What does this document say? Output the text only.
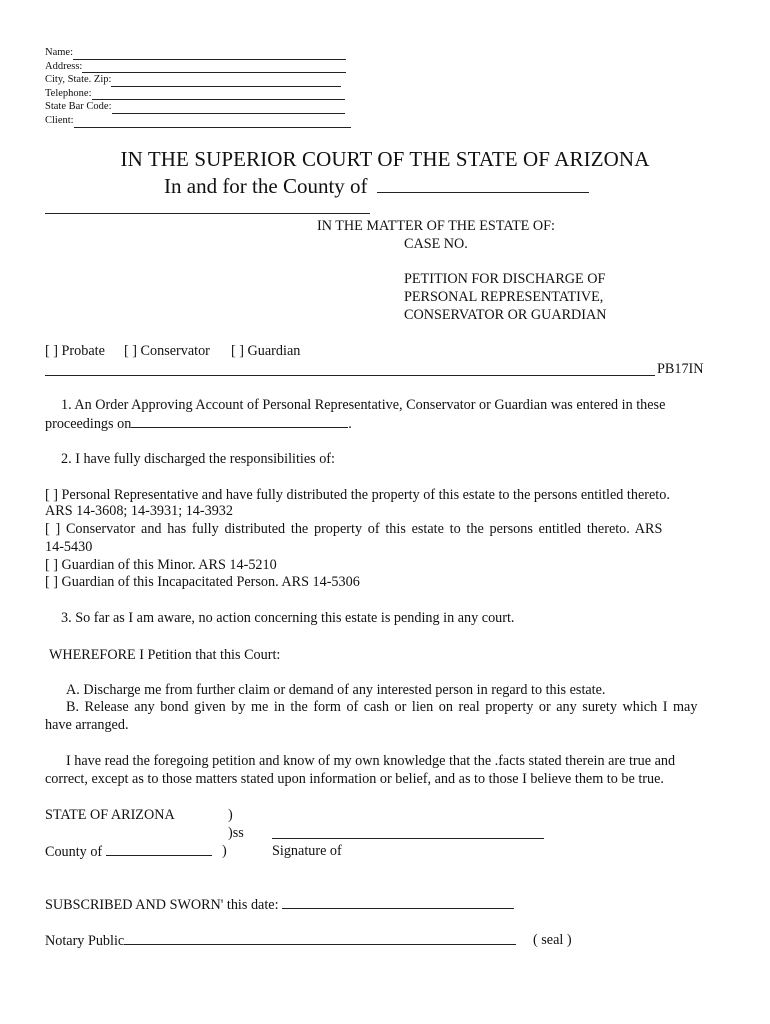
Name:
Address:
City, State. Zip:
Telephone:
State Bar Code:
Client:
IN THE SUPERIOR COURT OF THE STATE OF ARIZONA
In and for the County of
IN THE MATTER OF THE ESTATE OF:
CASE NO.
PETITION FOR DISCHARGE OF
PERSONAL REPRESENTATIVE,
CONSERVATOR OR GUARDIAN
[ ] Probate [ ] Conservator [ ] Guardian
PB17IN
1. An Order Approving Account of Personal Representative, Conservator or Guardian was entered in these
proceedings on	.
2. I have fully discharged the responsibilities of:
[ ] Personal Representative and have fully distributed the property of this estate to the persons entitled thereto.
ARS 14-3608; 14-3931; 14-3932
[ ] Conservator and has fully distributed the property of this estate to the persons entitled thereto. ARS
14-5430
[ ] Guardian of this Minor. ARS 14-5210
[ ] Guardian of this Incapacitated Person. ARS 14-5306
3. So far as I am aware, no action concerning this estate is pending in any court.
WHEREFORE I Petition that this Court:
A. Discharge me from further claim or demand of any interested person in regard to this estate.
B. Release any bond given by me in the form of cash or lien on real property or any surety which I may
have arranged.
I have read the foregoing petition and know of my own knowledge that the .facts stated therein are true and
correct, except as to those matters stated upon information or belief, and as to those I believe them to be true.
STATE OF ARIZONA	)
)ss
County of	)	Signature of
SUBSCRIBED AND SWORN' this date:
Notary Public	( seal )
